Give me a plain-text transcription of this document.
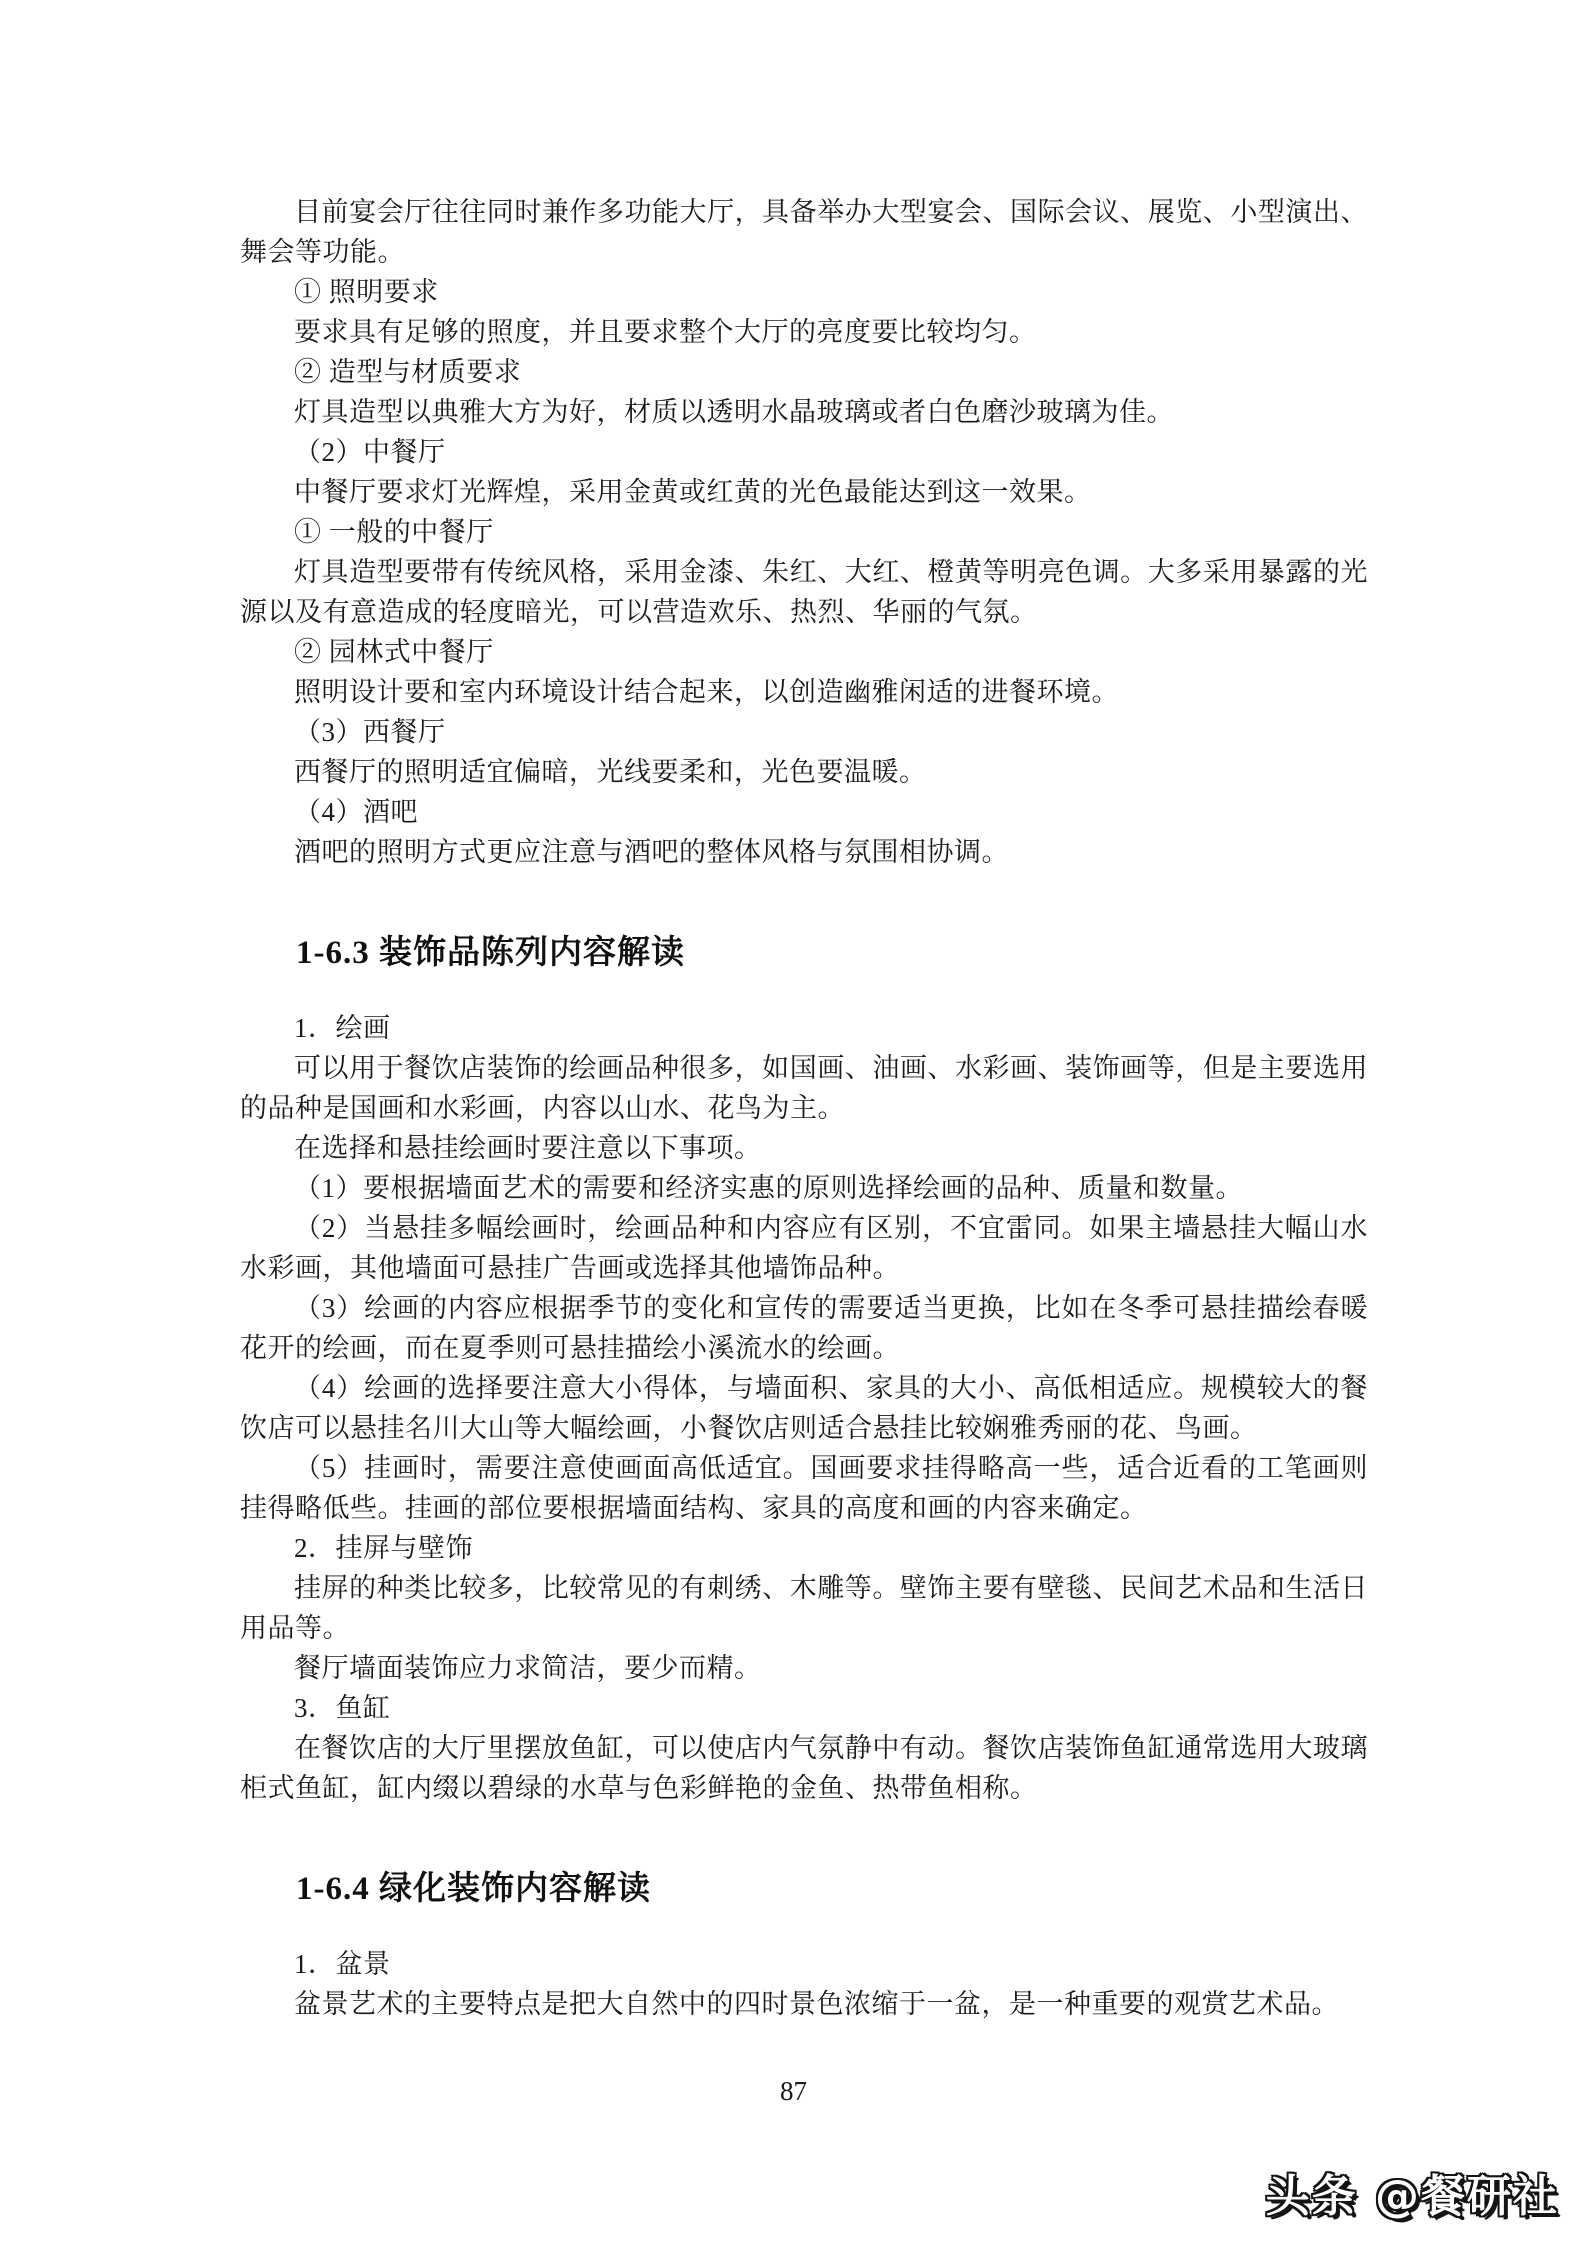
目前宴会厅往往同时兼作多功能大厅，具备举办大型宴会、国际会议、展览、小型演出、舞会等功能。

① 照明要求

要求具有足够的照度，并且要求整个大厅的亮度要比较均匀。

② 造型与材质要求

灯具造型以典雅大方为好，材质以透明水晶玻璃或者白色磨沙玻璃为佳。

（2）中餐厅

中餐厅要求灯光辉煌，采用金黄或红黄的光色最能达到这一效果。

① 一般的中餐厅

灯具造型要带有传统风格，采用金漆、朱红、大红、橙黄等明亮色调。大多采用暴露的光源以及有意造成的轻度暗光，可以营造欢乐、热烈、华丽的气氛。

② 园林式中餐厅

照明设计要和室内环境设计结合起来，以创造幽雅闲适的进餐环境。

（3）西餐厅

西餐厅的照明适宜偏暗，光线要柔和，光色要温暖。

（4）酒吧

酒吧的照明方式更应注意与酒吧的整体风格与氛围相协调。

1-6.3 装饰品陈列内容解读

1．绘画

可以用于餐饮店装饰的绘画品种很多，如国画、油画、水彩画、装饰画等，但是主要选用的品种是国画和水彩画，内容以山水、花鸟为主。

在选择和悬挂绘画时要注意以下事项。

（1）要根据墙面艺术的需要和经济实惠的原则选择绘画的品种、质量和数量。

（2）当悬挂多幅绘画时，绘画品种和内容应有区别，不宜雷同。如果主墙悬挂大幅山水水彩画，其他墙面可悬挂广告画或选择其他墙饰品种。

（3）绘画的内容应根据季节的变化和宣传的需要适当更换，比如在冬季可悬挂描绘春暖花开的绘画，而在夏季则可悬挂描绘小溪流水的绘画。

（4）绘画的选择要注意大小得体，与墙面积、家具的大小、高低相适应。规模较大的餐饮店可以悬挂名川大山等大幅绘画，小餐饮店则适合悬挂比较娴雅秀丽的花、鸟画。

（5）挂画时，需要注意使画面高低适宜。国画要求挂得略高一些，适合近看的工笔画则挂得略低些。挂画的部位要根据墙面结构、家具的高度和画的内容来确定。

2．挂屏与壁饰

挂屏的种类比较多，比较常见的有刺绣、木雕等。壁饰主要有壁毯、民间艺术品和生活日用品等。

餐厅墙面装饰应力求简洁，要少而精。

3．鱼缸

在餐饮店的大厅里摆放鱼缸，可以使店内气氛静中有动。餐饮店装饰鱼缸通常选用大玻璃柜式鱼缸，缸内缀以碧绿的水草与色彩鲜艳的金鱼、热带鱼相称。

1-6.4 绿化装饰内容解读

1．盆景

盆景艺术的主要特点是把大自然中的四时景色浓缩于一盆，是一种重要的观赏艺术品。

87
头条 @餐研社
